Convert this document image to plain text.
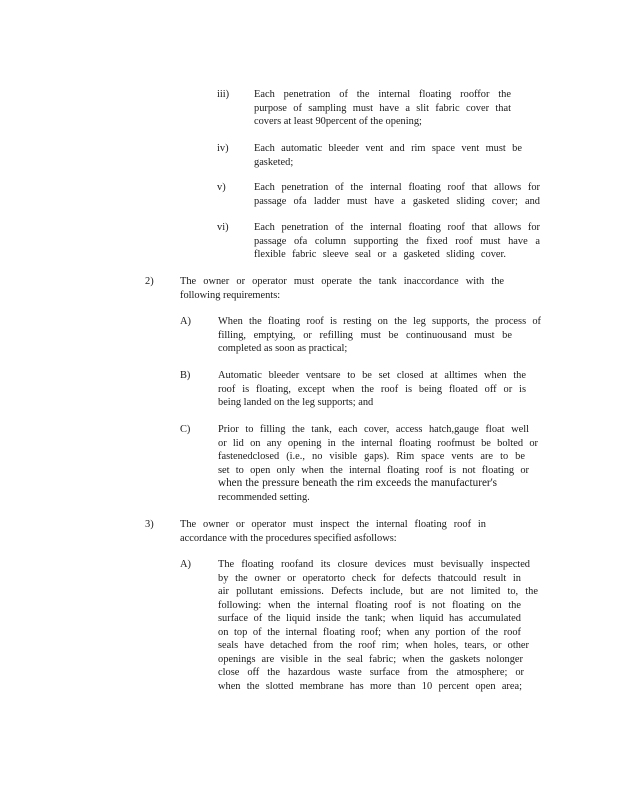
iii) Each penetration of the internal floating rooffor the
purpose of sampling must have a slit fabric cover that
covers at least 90percent of the opening;
iv) Each automatic bleeder vent and rim space vent must be
gasketed;
v)	Each penetration of the internal floating roof that allows for
passage ofa ladder must have a gasketed sliding cover; and
vi) Each penetration of the internal floating roof that allows for
passage ofa column supporting the fixed roof must have a
flexible fabric sleeve seal or a gasketed sliding cover.
2)	The owner or operator must operate the tank inaccordance with the
following requirements:
A)	When the floating roof is resting on the leg supports, the process of
filling, emptying, or refilling must be continuousand must be
completed as soon as practical;
B)	Automatic bleeder ventsare to be set closed at alltimes when the
roof is floating, except when the roof is being floated off or is
being landed on the leg supports; and
C)	Prior to filling the tank, each cover, access hatch,gauge float well
or lid on any opening in the internal floating roofmust be bolted or
fastenedclosed (i.e., no visible gaps). Rim space vents are to be
set to open only when the internal floating roof is not floating or
when the pressure beneath the rim exceeds the manufacturer's
recommended setting.
3)	The owner or operator must inspect the internal floating roof in
accordance with the procedures specified asfollows:
A)	The floating roofand its closure devices must bevisually inspected
by the owner or operatorto check for defects thatcould result in
air pollutant emissions. Defects include, but are not limited to, the
following: when the internal floating roof is not floating on the
surface of the liquid inside the tank; when liquid has accumulated
on top of the internal floating roof; when any portion of the roof
seals have detached from the roof rim; when holes, tears, or other
openings are visible in the seal fabric; when the gaskets nolonger
close off the hazardous waste surface from the atmosphere; or
when the slotted membrane has more than 10 percent open area;
